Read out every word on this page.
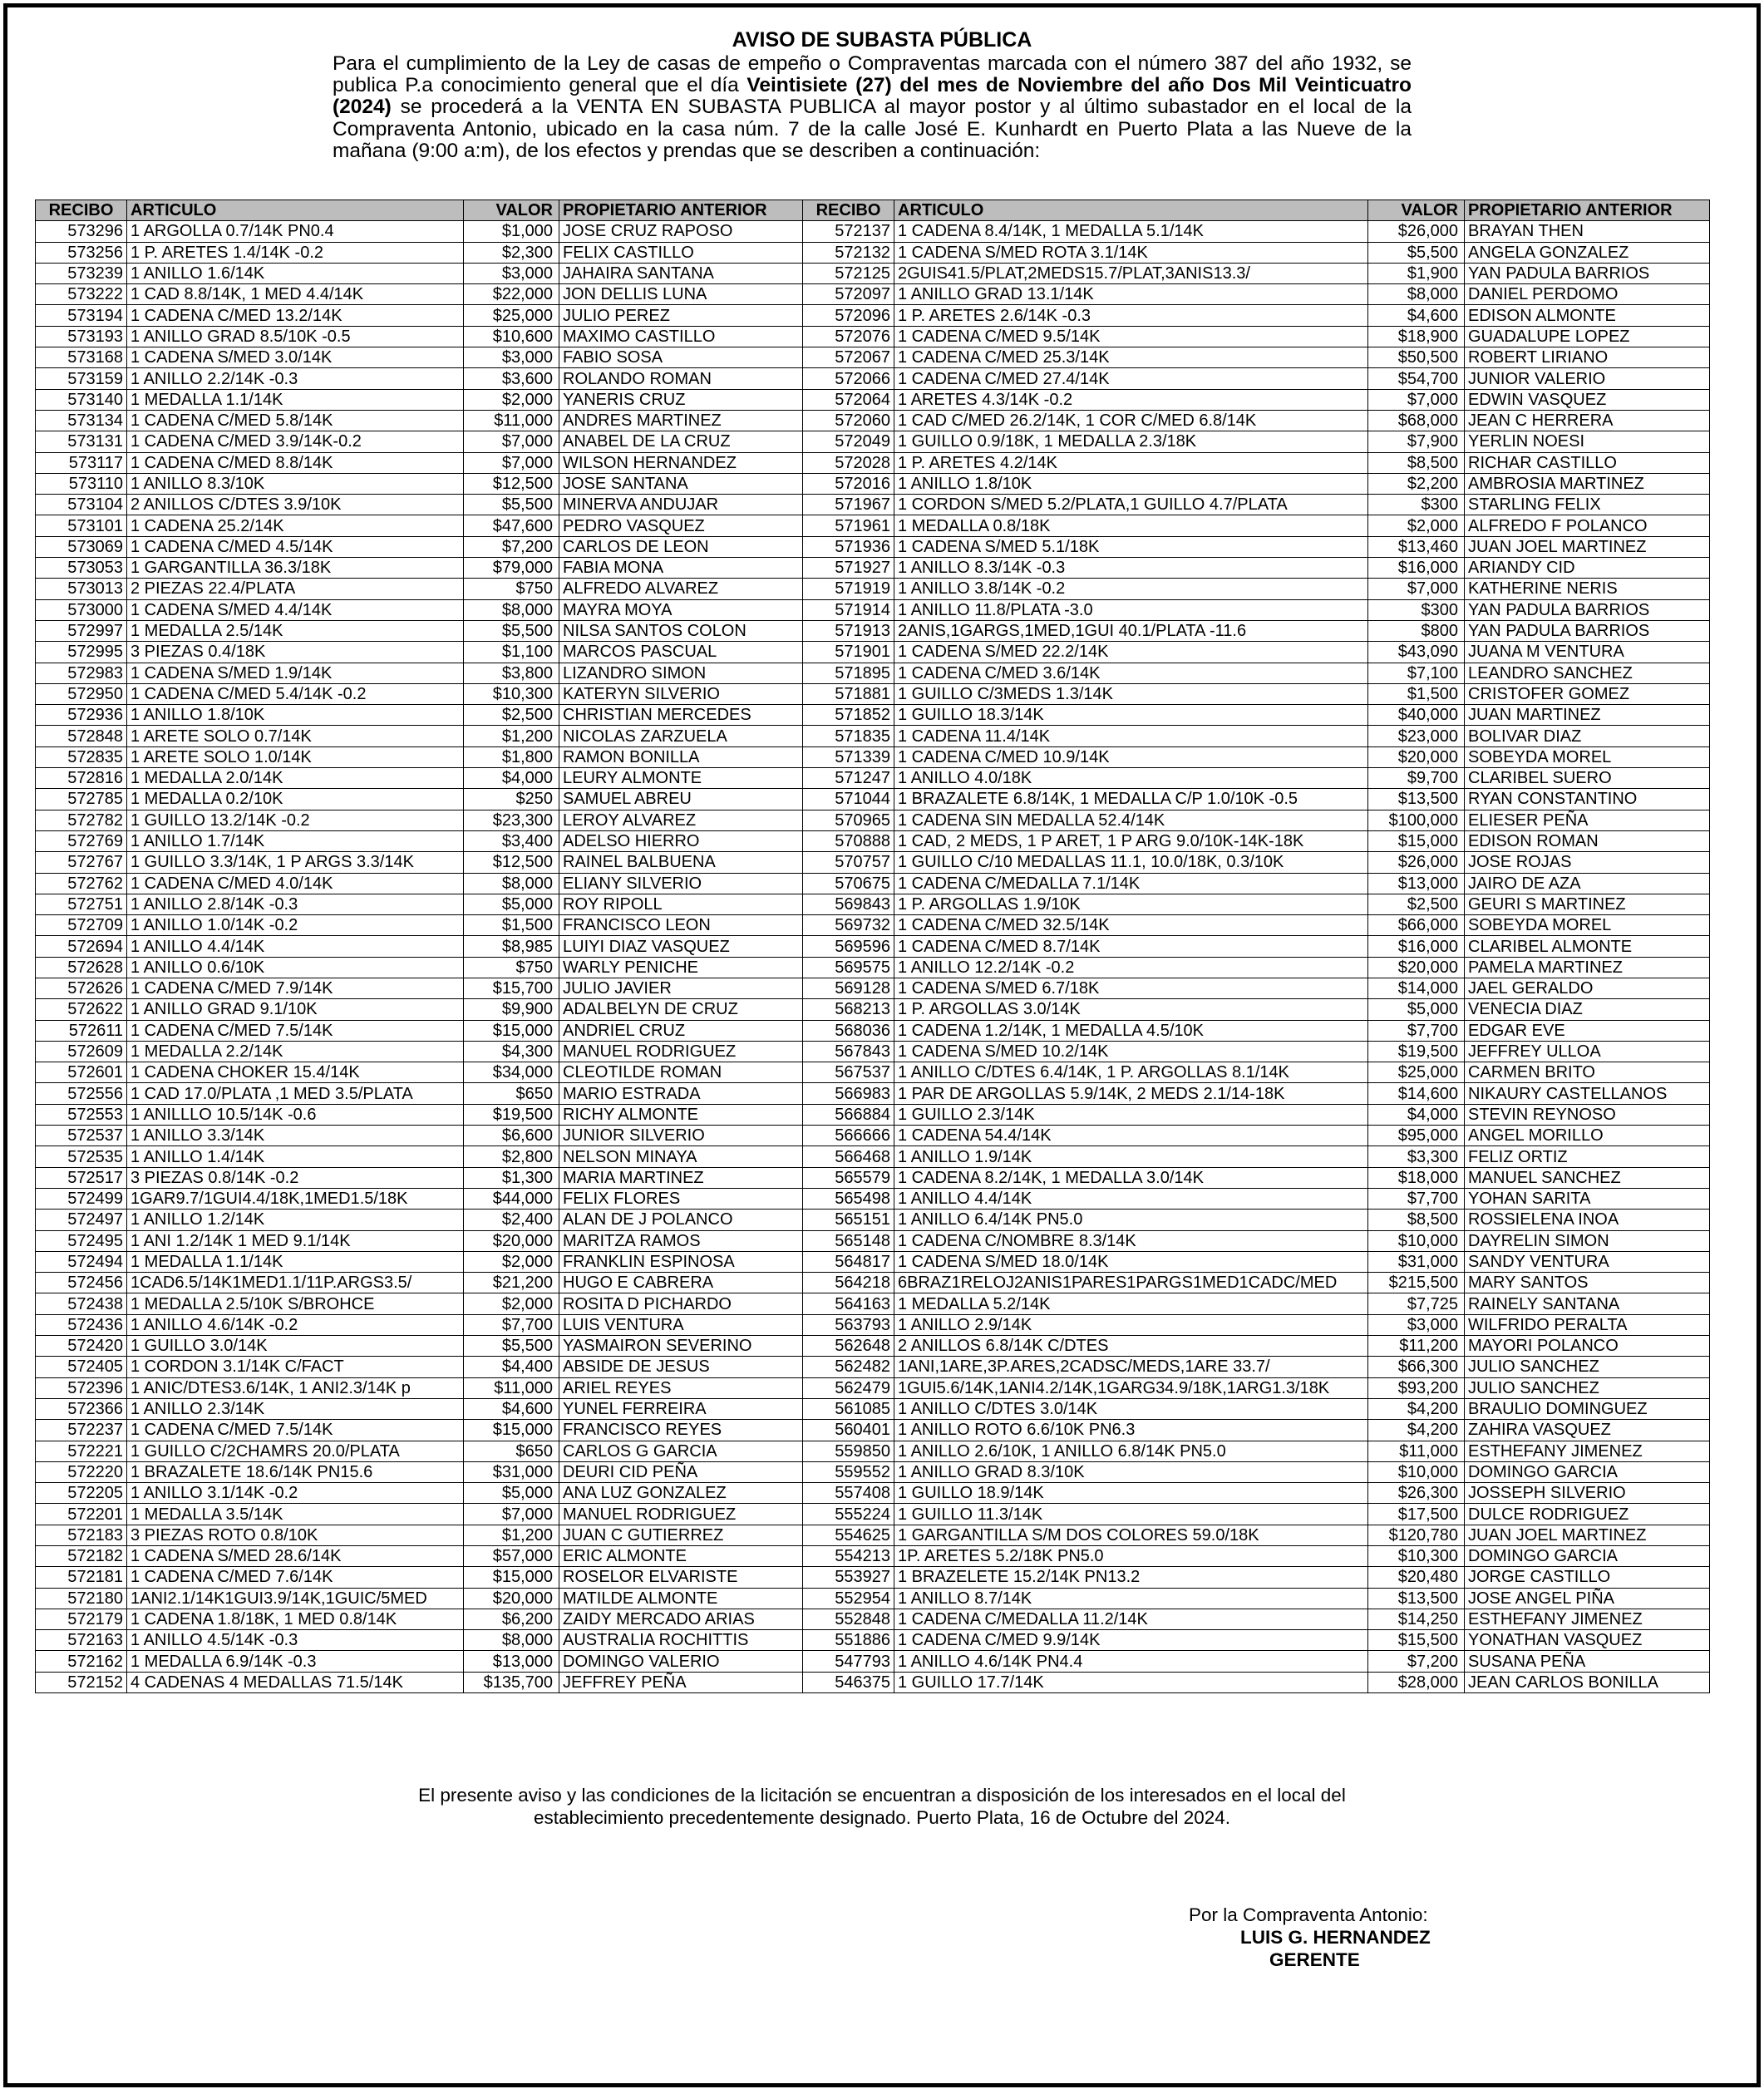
AVISO DE SUBASTA PÚBLICA
Para el cumplimiento de la Ley de casas de empeño o Compraventas marcada con el número 387 del año 1932, se publica P.a conocimiento general que el día Veintisiete (27) del mes de Noviembre del año Dos Mil Veinticuatro (2024) se procederá a la VENTA EN SUBASTA PUBLICA al mayor postor y al último subastador en el local de la Compraventa Antonio, ubicado en la casa núm. 7 de la calle José E. Kunhardt en Puerto Plata a las Nueve de la mañana (9:00 a:m), de los efectos y prendas que se describen a continuación:
RECIBO	ARTICULO	VALOR	PROPIETARIO ANTERIOR	RECIBO	ARTICULO	VALOR	PROPIETARIO ANTERIOR
573296	1 ARGOLLA 0.7/14K PN0.4	$1,000	JOSE CRUZ RAPOSO	572137	1 CADENA 8.4/14K, 1 MEDALLA 5.1/14K	$26,000	BRAYAN THEN
573256	1 P. ARETES 1.4/14K -0.2	$2,300	FELIX CASTILLO	572132	1 CADENA S/MED ROTA 3.1/14K	$5,500	ANGELA GONZALEZ
573239	1 ANILLO 1.6/14K	$3,000	JAHAIRA SANTANA	572125	2GUIS41.5/PLAT,2MEDS15.7/PLAT,3ANIS13.3/	$1,900	YAN PADULA BARRIOS
573222	1 CAD 8.8/14K, 1 MED 4.4/14K	$22,000	JON DELLIS LUNA	572097	1 ANILLO GRAD 13.1/14K	$8,000	DANIEL PERDOMO
573194	1 CADENA C/MED 13.2/14K	$25,000	JULIO PEREZ	572096	1 P. ARETES 2.6/14K -0.3	$4,600	EDISON ALMONTE
573193	1 ANILLO GRAD 8.5/10K -0.5	$10,600	MAXIMO CASTILLO	572076	1 CADENA C/MED 9.5/14K	$18,900	GUADALUPE LOPEZ
573168	1 CADENA S/MED 3.0/14K	$3,000	FABIO SOSA	572067	1 CADENA C/MED 25.3/14K	$50,500	ROBERT LIRIANO
573159	1 ANILLO 2.2/14K -0.3	$3,600	ROLANDO ROMAN	572066	1 CADENA C/MED 27.4/14K	$54,700	JUNIOR VALERIO
573140	1 MEDALLA 1.1/14K	$2,000	YANERIS CRUZ	572064	1 ARETES 4.3/14K -0.2	$7,000	EDWIN VASQUEZ
573134	1 CADENA C/MED 5.8/14K	$11,000	ANDRES MARTINEZ	572060	1 CAD C/MED 26.2/14K, 1 COR C/MED 6.8/14K	$68,000	JEAN C HERRERA
573131	1 CADENA C/MED 3.9/14K-0.2	$7,000	ANABEL DE LA CRUZ	572049	1 GUILLO 0.9/18K, 1 MEDALLA 2.3/18K	$7,900	YERLIN NOESI
573117	1 CADENA C/MED 8.8/14K	$7,000	WILSON HERNANDEZ	572028	1 P. ARETES 4.2/14K	$8,500	RICHAR CASTILLO
573110	1 ANILLO 8.3/10K	$12,500	JOSE SANTANA	572016	1 ANILLO 1.8/10K	$2,200	AMBROSIA MARTINEZ
573104	2 ANILLOS C/DTES 3.9/10K	$5,500	MINERVA ANDUJAR	571967	1 CORDON S/MED 5.2/PLATA,1 GUILLO 4.7/PLATA	$300	STARLING FELIX
573101	1 CADENA 25.2/14K	$47,600	PEDRO VASQUEZ	571961	1 MEDALLA 0.8/18K	$2,000	ALFREDO F POLANCO
573069	1 CADENA C/MED 4.5/14K	$7,200	CARLOS DE LEON	571936	1 CADENA S/MED 5.1/18K	$13,460	JUAN JOEL MARTINEZ
573053	1 GARGANTILLA 36.3/18K	$79,000	FABIA MONA	571927	1 ANILLO 8.3/14K -0.3	$16,000	ARIANDY CID
573013	2 PIEZAS 22.4/PLATA	$750	ALFREDO ALVAREZ	571919	1 ANILLO 3.8/14K -0.2	$7,000	KATHERINE NERIS
573000	1 CADENA S/MED 4.4/14K	$8,000	MAYRA MOYA	571914	1 ANILLO 11.8/PLATA -3.0	$300	YAN PADULA BARRIOS
572997	1 MEDALLA 2.5/14K	$5,500	NILSA SANTOS COLON	571913	2ANIS,1GARGS,1MED,1GUI 40.1/PLATA -11.6	$800	YAN PADULA BARRIOS
572995	3 PIEZAS 0.4/18K	$1,100	MARCOS PASCUAL	571901	1 CADENA S/MED 22.2/14K	$43,090	JUANA M VENTURA
572983	1 CADENA S/MED 1.9/14K	$3,800	LIZANDRO SIMON	571895	1 CADENA C/MED 3.6/14K	$7,100	LEANDRO SANCHEZ
572950	1 CADENA C/MED 5.4/14K -0.2	$10,300	KATERYN SILVERIO	571881	1 GUILLO C/3MEDS 1.3/14K	$1,500	CRISTOFER GOMEZ
572936	1 ANILLO 1.8/10K	$2,500	CHRISTIAN MERCEDES	571852	1 GUILLO 18.3/14K	$40,000	JUAN MARTINEZ
572848	1 ARETE SOLO 0.7/14K	$1,200	NICOLAS ZARZUELA	571835	1 CADENA 11.4/14K	$23,000	BOLIVAR DIAZ
572835	1 ARETE SOLO 1.0/14K	$1,800	RAMON BONILLA	571339	1 CADENA C/MED 10.9/14K	$20,000	SOBEYDA MOREL
572816	1 MEDALLA 2.0/14K	$4,000	LEURY ALMONTE	571247	1 ANILLO 4.0/18K	$9,700	CLARIBEL SUERO
572785	1 MEDALLA 0.2/10K	$250	SAMUEL ABREU	571044	1 BRAZALETE 6.8/14K, 1 MEDALLA C/P 1.0/10K -0.5	$13,500	RYAN CONSTANTINO
572782	1 GUILLO 13.2/14K -0.2	$23,300	LEROY ALVAREZ	570965	1 CADENA SIN MEDALLA 52.4/14K	$100,000	ELIESER PEÑA
572769	1 ANILLO 1.7/14K	$3,400	ADELSO HIERRO	570888	1 CAD, 2 MEDS, 1 P ARET, 1 P ARG 9.0/10K-14K-18K	$15,000	EDISON ROMAN
572767	1 GUILLO 3.3/14K, 1 P ARGS 3.3/14K	$12,500	RAINEL BALBUENA	570757	1 GUILLO C/10 MEDALLAS 11.1, 10.0/18K, 0.3/10K	$26,000	JOSE ROJAS
572762	1 CADENA C/MED 4.0/14K	$8,000	ELIANY SILVERIO	570675	1 CADENA C/MEDALLA 7.1/14K	$13,000	JAIRO DE AZA
572751	1 ANILLO 2.8/14K -0.3	$5,000	ROY RIPOLL	569843	1 P. ARGOLLAS 1.9/10K	$2,500	GEURI S MARTINEZ
572709	1 ANILLO 1.0/14K -0.2	$1,500	FRANCISCO LEON	569732	1 CADENA C/MED 32.5/14K	$66,000	SOBEYDA MOREL
572694	1 ANILLO 4.4/14K	$8,985	LUIYI DIAZ VASQUEZ	569596	1 CADENA C/MED 8.7/14K	$16,000	CLARIBEL ALMONTE
572628	1 ANILLO 0.6/10K	$750	WARLY PENICHE	569575	1 ANILLO 12.2/14K -0.2	$20,000	PAMELA MARTINEZ
572626	1 CADENA C/MED 7.9/14K	$15,700	JULIO JAVIER	569128	1 CADENA S/MED 6.7/18K	$14,000	JAEL GERALDO
572622	1 ANILLO GRAD 9.1/10K	$9,900	ADALBELYN DE CRUZ	568213	1 P. ARGOLLAS 3.0/14K	$5,000	VENECIA DIAZ
572611	1 CADENA C/MED 7.5/14K	$15,000	ANDRIEL CRUZ	568036	1 CADENA 1.2/14K, 1 MEDALLA 4.5/10K	$7,700	EDGAR EVE
572609	1 MEDALLA 2.2/14K	$4,300	MANUEL RODRIGUEZ	567843	1 CADENA S/MED 10.2/14K	$19,500	JEFFREY ULLOA
572601	1 CADENA CHOKER 15.4/14K	$34,000	CLEOTILDE ROMAN	567537	1 ANILLO C/DTES 6.4/14K, 1 P. ARGOLLAS 8.1/14K	$25,000	CARMEN BRITO
572556	1 CAD 17.0/PLATA ,1 MED 3.5/PLATA	$650	MARIO ESTRADA	566983	1 PAR DE ARGOLLAS 5.9/14K, 2 MEDS 2.1/14-18K	$14,600	NIKAURY CASTELLANOS
572553	1 ANILLLO 10.5/14K -0.6	$19,500	RICHY ALMONTE	566884	1 GUILLO 2.3/14K	$4,000	STEVIN REYNOSO
572537	1 ANILLO 3.3/14K	$6,600	JUNIOR SILVERIO	566666	1 CADENA 54.4/14K	$95,000	ANGEL MORILLO
572535	1 ANILLO 1.4/14K	$2,800	NELSON MINAYA	566468	1 ANILLO 1.9/14K	$3,300	FELIZ ORTIZ
572517	3 PIEZAS 0.8/14K -0.2	$1,300	MARIA MARTINEZ	565579	1 CADENA 8.2/14K, 1 MEDALLA 3.0/14K	$18,000	MANUEL SANCHEZ
572499	1GAR9.7/1GUI4.4/18K,1MED1.5/18K	$44,000	FELIX FLORES	565498	1 ANILLO 4.4/14K	$7,700	YOHAN SARITA
572497	1 ANILLO 1.2/14K	$2,400	ALAN DE J POLANCO	565151	1 ANILLO 6.4/14K PN5.0	$8,500	ROSSIELENA INOA
572495	1 ANI 1.2/14K 1 MED 9.1/14K	$20,000	MARITZA RAMOS	565148	1 CADENA C/NOMBRE 8.3/14K	$10,000	DAYRELIN SIMON
572494	1 MEDALLA 1.1/14K	$2,000	FRANKLIN ESPINOSA	564817	1 CADENA S/MED 18.0/14K	$31,000	SANDY VENTURA
572456	1CAD6.5/14K1MED1.1/11P.ARGS3.5/	$21,200	HUGO E CABRERA	564218	6BRAZ1RELOJ2ANIS1PARES1PARGS1MED1CADC/MED	$215,500	MARY SANTOS
572438	1 MEDALLA 2.5/10K S/BROHCE	$2,000	ROSITA D PICHARDO	564163	1 MEDALLA 5.2/14K	$7,725	RAINELY SANTANA
572436	1 ANILLO 4.6/14K -0.2	$7,700	LUIS VENTURA	563793	1 ANILLO 2.9/14K	$3,000	WILFRIDO PERALTA
572420	1 GUILLO 3.0/14K	$5,500	YASMAIRON SEVERINO	562648	2 ANILLOS 6.8/14K C/DTES	$11,200	MAYORI POLANCO
572405	1 CORDON 3.1/14K C/FACT	$4,400	ABSIDE DE JESUS	562482	1ANI,1ARE,3P.ARES,2CADSC/MEDS,1ARE 33.7/	$66,300	JULIO SANCHEZ
572396	1 ANIC/DTES3.6/14K, 1 ANI2.3/14K p	$11,000	ARIEL REYES	562479	1GUI5.6/14K,1ANI4.2/14K,1GARG34.9/18K,1ARG1.3/18K	$93,200	JULIO SANCHEZ
572366	1 ANILLO 2.3/14K	$4,600	YUNEL FERREIRA	561085	1 ANILLO C/DTES 3.0/14K	$4,200	BRAULIO DOMINGUEZ
572237	1 CADENA C/MED 7.5/14K	$15,000	FRANCISCO REYES	560401	1 ANILLO ROTO 6.6/10K PN6.3	$4,200	ZAHIRA VASQUEZ
572221	1 GUILLO C/2CHAMRS 20.0/PLATA	$650	CARLOS G GARCIA	559850	1 ANILLO 2.6/10K, 1 ANILLO 6.8/14K PN5.0	$11,000	ESTHEFANY JIMENEZ
572220	1 BRAZALETE 18.6/14K PN15.6	$31,000	DEURI CID PEÑA	559552	1 ANILLO GRAD 8.3/10K	$10,000	DOMINGO GARCIA
572205	1 ANILLO 3.1/14K -0.2	$5,000	ANA LUZ GONZALEZ	557408	1 GUILLO 18.9/14K	$26,300	JOSSEPH SILVERIO
572201	1 MEDALLA 3.5/14K	$7,000	MANUEL RODRIGUEZ	555224	1 GUILLO 11.3/14K	$17,500	DULCE RODRIGUEZ
572183	3 PIEZAS ROTO 0.8/10K	$1,200	JUAN C GUTIERREZ	554625	1 GARGANTILLA S/M DOS COLORES 59.0/18K	$120,780	JUAN JOEL MARTINEZ
572182	1 CADENA S/MED 28.6/14K	$57,000	ERIC ALMONTE	554213	1P. ARETES 5.2/18K PN5.0	$10,300	DOMINGO GARCIA
572181	1 CADENA C/MED 7.6/14K	$15,000	ROSELOR ELVARISTE	553927	1 BRAZELETE 15.2/14K PN13.2	$20,480	JORGE CASTILLO
572180	1ANI2.1/14K1GUI3.9/14K,1GUIC/5MED	$20,000	MATILDE ALMONTE	552954	1 ANILLO 8.7/14K	$13,500	JOSE ANGEL PIÑA
572179	1 CADENA 1.8/18K, 1 MED 0.8/14K	$6,200	ZAIDY MERCADO ARIAS	552848	1 CADENA C/MEDALLA 11.2/14K	$14,250	ESTHEFANY JIMENEZ
572163	1 ANILLO 4.5/14K -0.3	$8,000	AUSTRALIA ROCHITTIS	551886	1 CADENA C/MED 9.9/14K	$15,500	YONATHAN VASQUEZ
572162	1 MEDALLA 6.9/14K -0.3	$13,000	DOMINGO VALERIO	547793	1 ANILLO 4.6/14K PN4.4	$7,200	SUSANA PEÑA
572152	4 CADENAS 4 MEDALLAS 71.5/14K	$135,700	JEFFREY PEÑA	546375	1 GUILLO 17.7/14K	$28,000	JEAN CARLOS BONILLA
El presente aviso y las condiciones de la licitación se encuentran a disposición de los interesados en el local del
establecimiento precedentemente designado. Puerto Plata, 16 de Octubre del 2024.
Por la Compraventa Antonio:
LUIS G. HERNANDEZ
GERENTE
